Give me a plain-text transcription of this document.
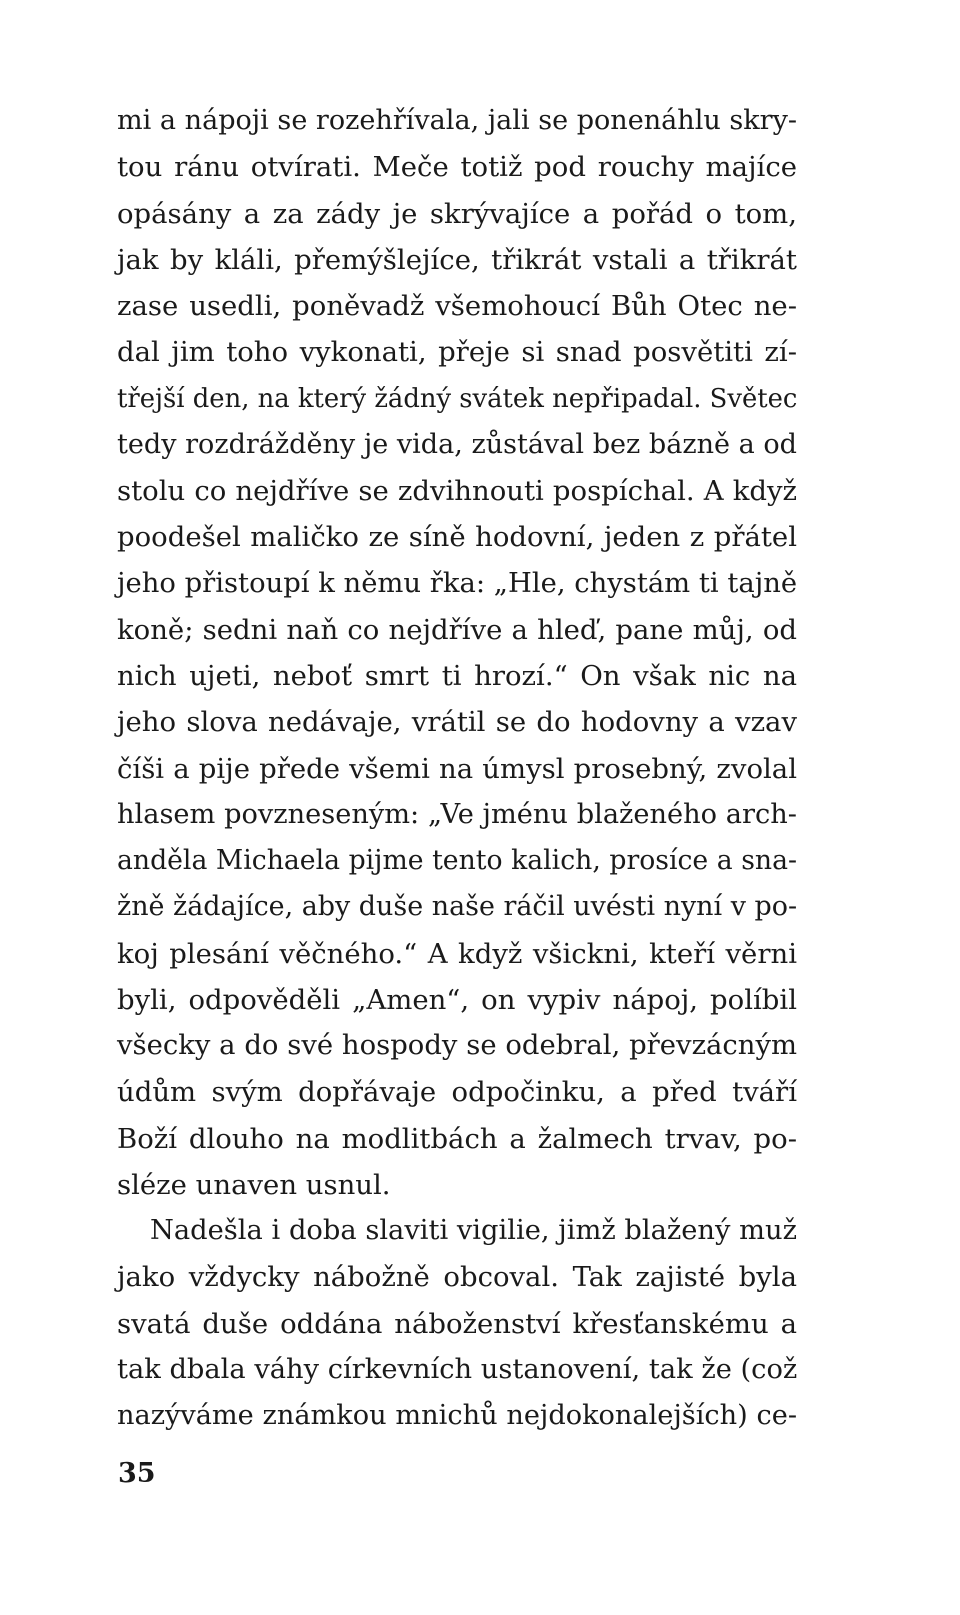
mi a nápoji se rozehřívala, jali se ponenáhlu skry‐
tou ránu otvírati. Meče totiž pod rouchy majíce
opásány a za zády je skrývajíce a pořád o tom,
jak by kláli, přemýšlejíce, třikrát vstali a třikrát
zase usedli, poněvadž všemohoucí Bůh Otec ne‐
dal jim toho vykonati, přeje si snad posvětiti zí‐
třejší den, na který žádný svátek nepřipadal. Světec
tedy rozdrážděny je vida, zůstával bez bázně a od
stolu co nejdříve se zdvihnouti pospíchal. A když
poodešel maličko ze síně hodovní, jeden z přátel
jeho přistoupí k němu řka: „Hle, chystám ti tajně
koně; sedni naň co nejdříve a hleď, pane můj, od
nich ujeti, neboť smrt ti hrozí.“ On však nic na
jeho slova nedávaje, vrátil se do hodovny a vzav
číši a pije přede všemi na úmysl prosebný, zvolal
hlasem povzneseným: „Ve jménu blaženého arch‐
anděla Michaela pijme tento kalich, prosíce a sna‐
žně žádajíce, aby duše naše ráčil uvésti nyní v po‐
koj plesání věčného.“ A když všickni, kteří věrni
byli, odpověděli „Amen“, on vypiv nápoj, políbil
všecky a do své hospody se odebral, převzácným
údům svým dopřávaje odpočinku, a před tváří
Boží dlouho na modlitbách a žalmech trvav, po‐
sléze unaven usnul.

Nadešla i doba slaviti vigilie, jimž blažený muž
jako vždycky nábožně obcoval. Tak zajisté byla
svatá duše oddána náboženství křesťanskému a
tak dbala váhy církevních ustanovení, tak že (což
nazýváme známkou mnichů nejdokonalejších) ce‐

35
